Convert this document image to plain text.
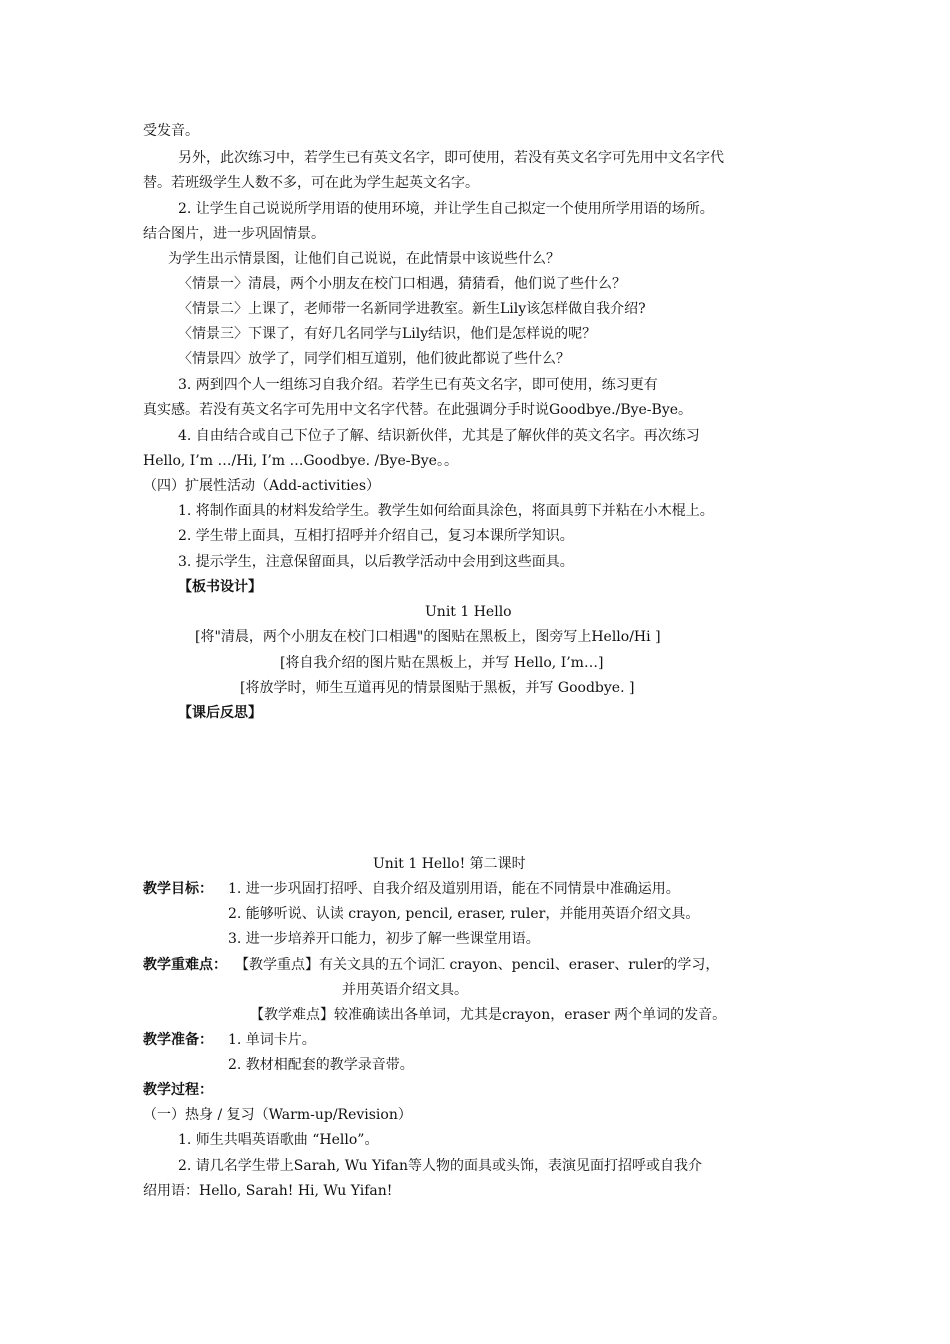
受发音。
另外，此次练习中，若学生已有英文名字，即可使用，若没有英文名字可先用中文名字代
替。若班级学生人数不多，可在此为学生起英文名字。
2. 让学生自己说说所学用语的使用环境，并让学生自己拟定一个使用所学用语的场所。
结合图片，进一步巩固情景。
为学生出示情景图，让他们自己说说，在此情景中该说些什么？
〈情景一〉清晨，两个小朋友在校门口相遇，猜猜看，他们说了些什么？
〈情景二〉上课了，老师带一名新同学进教室。新生Lily该怎样做自我介绍?
〈情景三〉下课了，有好几名同学与Lily结识，他们是怎样说的呢？
〈情景四〉放学了，同学们相互道别，他们彼此都说了些什么？
3. 两到四个人一组练习自我介绍。若学生已有英文名字，即可使用，练习更有
真实感。若没有英文名字可先用中文名字代替。在此强调分手时说Goodbye./Bye-Bye。
4. 自由结合或自己下位子了解、结识新伙伴，尤其是了解伙伴的英文名字。再次练习
Hello, I’m …/Hi, I’m …Goodbye. /Bye-Bye。。
（四）扩展性活动（Add-activities）
1. 将制作面具的材料发给学生。教学生如何给面具涂色，将面具剪下并粘在小木棍上。
2. 学生带上面具，互相打招呼并介绍自己，复习本课所学知识。
3. 提示学生，注意保留面具，以后教学活动中会用到这些面具。
【板书设计】
Unit 1 Hello
[将"清晨，两个小朋友在校门口相遇"的图贴在黑板上，图旁写上Hello/Hi ]
[将自我介绍的图片贴在黑板上，并写 Hello, I’m…]
[将放学时，师生互道再见的情景图贴于黑板，并写 Goodbye. ]
【课后反思】
Unit 1 Hello! 第二课时
教学目标： 1. 进一步巩固打招呼、自我介绍及道别用语，能在不同情景中准确运用。
2. 能够听说、认读 crayon, pencil, eraser, ruler，并能用英语介绍文具。
3. 进一步培养开口能力，初步了解一些课堂用语。
教学重难点： 【教学重点】有关文具的五个词汇 crayon、pencil、eraser、ruler的学习，
并用英语介绍文具。
【教学难点】较准确读出各单词，尤其是crayon，eraser 两个单词的发音。
教学准备： 1. 单词卡片。
2. 教材相配套的教学录音带。
教学过程：
（一）热身 / 复习（Warm-up/Revision）
1. 师生共唱英语歌曲 “Hello”。
2. 请几名学生带上Sarah, Wu Yifan等人物的面具或头饰，表演见面打招呼或自我介
绍用语：Hello, Sarah! Hi, Wu Yifan!
